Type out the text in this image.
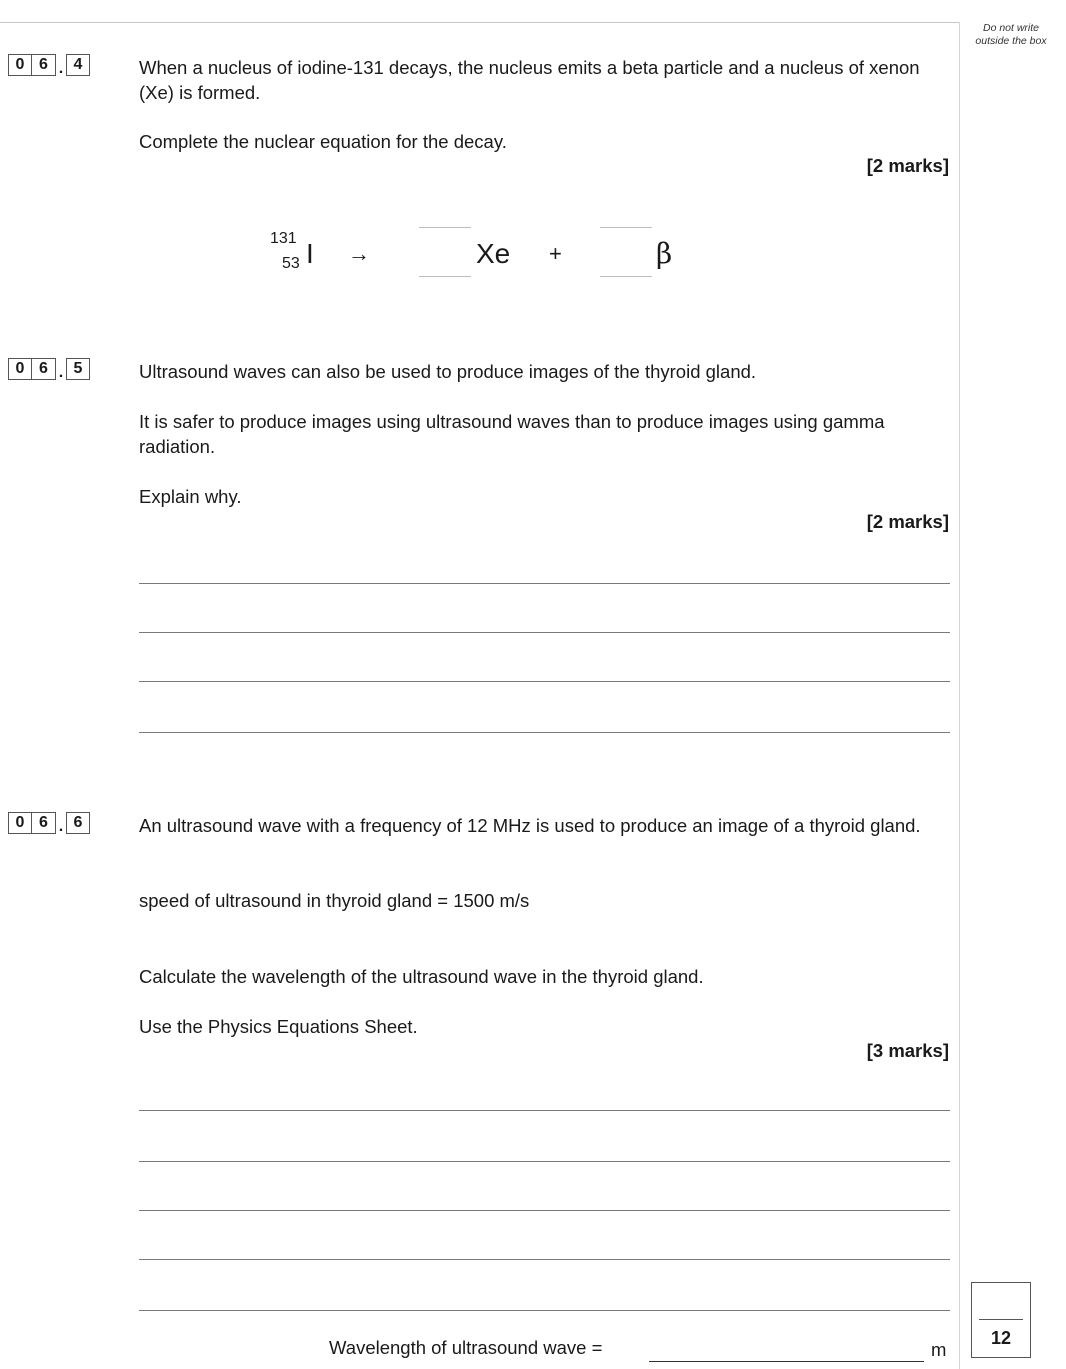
Do not write outside the box
0 6 . 4	When a nucleus of iodine-131 decays, the nucleus emits a beta particle and a nucleus of xenon (Xe) is formed.
Complete the nuclear equation for the decay.
[2 marks]
131
53 I →	Xe +	β
0 6 . 5	Ultrasound waves can also be used to produce images of the thyroid gland.
It is safer to produce images using ultrasound waves than to produce images using gamma radiation.
Explain why.
[2 marks]
0 6 . 6	An ultrasound wave with a frequency of 12 MHz is used to produce an image of a thyroid gland.
speed of ultrasound in thyroid gland = 1500 m/s
Calculate the wavelength of the ultrasound wave in the thyroid gland.
Use the Physics Equations Sheet.
[3 marks]
Wavelength of ultrasound wave =	m
12
